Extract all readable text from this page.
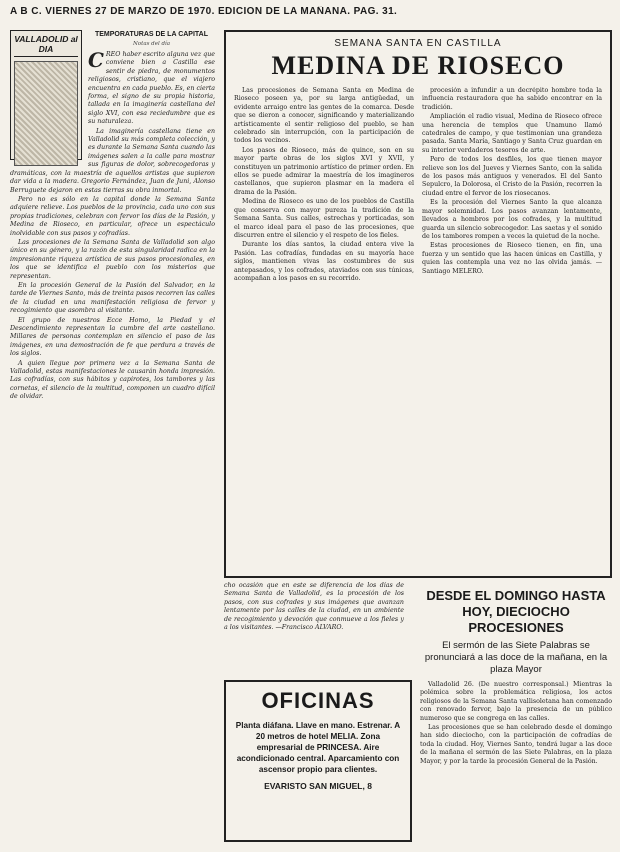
A B C. VIERNES 27 DE MARZO DE 1970. EDICION DE LA MAÑANA. PAG. 31.
VALLADOLID al DIA
TEMPORATURAS DE LA CAPITAL
Notas del día

CREO haber escrito alguna vez que conviene bien a Castilla ese sentir de piedra, de monumentos religiosos, cristiano, que el viajero encuentra en cada pueblo. Es, en cierta forma, el signo de su propia historia, tallada en la imaginería castellana del siglo XVI, con esa reciedumbre que es su naturaleza.

La imaginería castellana tiene en Valladolid su más completa colección, y es durante la Semana Santa cuando las imágenes salen a la calle para mostrar sus figuras de dolor, sobrecogedoras y dramáticas, con la maestría de aquellos artistas que supieron dar vida a la madera. Gregorio Fernández, Juan de Juni, Alonso Berruguete dejaron en estas tierras su obra inmortal.

Pero no es sólo en la capital donde la Semana Santa adquiere relieve. Los pueblos de la provincia, cada uno con sus propias tradiciones, celebran con fervor los días de la Pasión, y Medina de Rioseco, en particular, ofrece un espectáculo inolvidable con sus pasos y cofradías.

Las procesiones de la Semana Santa de Valladolid son algo único en su género, y la razón de esta singularidad radica en la impresionante riqueza artística de sus pasos procesionales, en los que se identifica el pueblo con los misterios que representan.

En la procesión General de la Pasión del Salvador, en la tarde de Viernes Santo, más de treinta pasos recorren las calles de la ciudad en una manifestación religiosa de fervor y recogimiento que asombra al visitante.

El grupo de nuestros Ecce Homo, la Piedad y el Descendimiento representan la cumbre del arte castellano. Millares de personas contemplan en silencio el paso de las imágenes, en una demostración de fe que perdura a través de los siglos.

A quien llegue por primera vez a la Semana Santa de Valladolid, estas manifestaciones le causarán honda impresión. Las cofradías, con sus hábitos y capirotes, los tambores y las cornetas, el silencio de la multitud, componen un cuadro difícil de olvidar.

SEMANA SANTA EN CASTILLA
MEDINA DE RIOSECO

Las procesiones de Semana Santa en Medina de Rioseco poseen ya, por su larga antigüedad, un evidente arraigo entre las gentes de la comarca. Desde que se dieron a conocer, significando y materializando artísticamente el sentir religioso del pueblo, se han celebrado sin interrupción, con la participación de todos los vecinos.

Los pasos de Rioseco, más de quince, son en su mayor parte obras de los siglos XVI y XVII, y constituyen un patrimonio artístico de primer orden. En ellos se puede admirar la maestría de los imagineros castellanos, que supieron plasmar en la madera el drama de la Pasión.

Medina de Rioseco es uno de los pueblos de Castilla que conserva con mayor pureza la tradición de la Semana Santa. Sus calles, estrechas y porticadas, son el marco ideal para el paso de las procesiones, que discurren entre el silencio y el respeto de los fieles.

Durante los días santos, la ciudad entera vive la Pasión. Las cofradías, fundadas en su mayoría hace siglos, mantienen vivas las costumbres de sus antepasados, y los cofrades, ataviados con sus túnicas, acompañan a los pasos en su recorrido.

procesión a infundir a un decrépito hombre toda la influencia restauradora que ha sabido encontrar en la tradición.

Ampliación el radio visual, Medina de Rioseco ofrece una herencia de templos que Unamuno llamó catedrales de campo, y que testimonian una grandeza pasada. Santa María, Santiago y Santa Cruz guardan en su interior verdaderos tesoros de arte.

Pero de todos los desfiles, los que tienen mayor relieve son los del Jueves y Viernes Santo, con la salida de los pasos más antiguos y venerados. El del Santo Sepulcro, la Dolorosa, el Cristo de la Pasión, recorren la ciudad entre el fervor de los riosecanos.

Es la procesión del Viernes Santo la que alcanza mayor solemnidad. Los pasos avanzan lentamente, llevados a hombros por los cofrades, y la multitud guarda un silencio sobrecogedor. Las saetas y el sonido de los tambores rompen a veces la quietud de la noche.

Estas procesiones de Rioseco tienen, en fin, una fuerza y un sentido que las hacen únicas en Castilla, y quien las contempla una vez no las olvida jamás. —Santiago MELERO.

cho ocasión que en este se diferencia de los días de Semana Santa de Valladolid, es la procesión de los pasos, con sus cofrades y sus imágenes que avanzan lentamente por las calles de la ciudad, en un ambiente de recogimiento y devoción que conmueve a los fieles y a los visitantes. —Francisco ALVARO.

OFICINAS
Planta diáfana. Llave en mano. Estrenar. A 20 metros de hotel MELIA. Zona empresarial de PRINCESA. Aire acondicionado central. Aparcamiento con ascensor propio para clientes.
EVARISTO SAN MIGUEL, 8
DESDE EL DOMINGO HASTA HOY, DIECIOCHO PROCESIONES
El sermón de las Siete Palabras se pronunciará a las doce de la mañana, en la plaza Mayor

Valladolid 26. (De nuestro corresponsal.) Mientras la polémica sobre la problemática religiosa, los actos religiosos de la Semana Santa vallisoletana han comenzado con renovado fervor, bajo la presencia de un público numeroso que se congrega en las calles.

Las procesiones que se han celebrado desde el domingo han sido dieciocho, con la participación de cofradías de toda la ciudad. Hoy, Viernes Santo, tendrá lugar a las doce de la mañana el sermón de las Siete Palabras, en la plaza Mayor, y por la tarde la procesión General de la Pasión.
